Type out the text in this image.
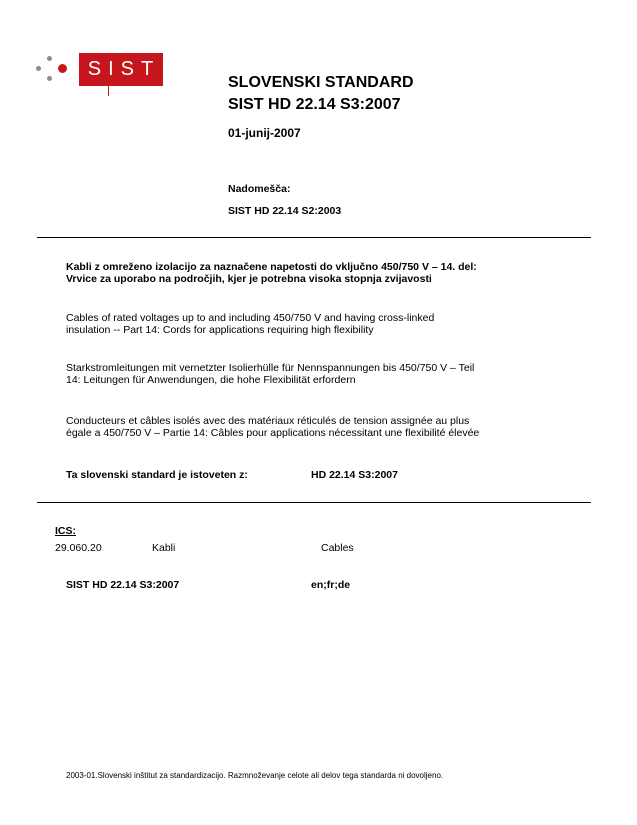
SIST
SLOVENSKI STANDARD
SIST HD 22.14 S3:2007
01-junij-2007
Nadomešča:
SIST HD 22.14 S2:2003
Kabli z omreženo izolacijo za naznačene napetosti do vključno 450/750 V – 14. del:
Vrvice za uporabo na področjih, kjer je potrebna visoka stopnja zvijavosti
Cables of rated voltages up to and including 450/750 V and having cross-linked
insulation -- Part 14: Cords for applications requiring high flexibility
Starkstromleitungen mit vernetzter Isolierhülle für Nennspannungen bis 450/750 V – Teil
14: Leitungen für Anwendungen, die hohe Flexibilität erfordern
Conducteurs et câbles isolés avec des matériaux réticulés de tension assignée au plus
égale a 450/750 V – Partie 14: Câbles pour applications nécessitant une flexibilité élevée
Ta slovenski standard je istoveten z:	HD 22.14 S3:2007
ICS:
29.060.20	Kabli	Cables
SIST HD 22.14 S3:2007	en;fr;de
2003-01.Slovenski inštitut za standardizacijo. Razmnoževanje celote ali delov tega standarda ni dovoljeno.
